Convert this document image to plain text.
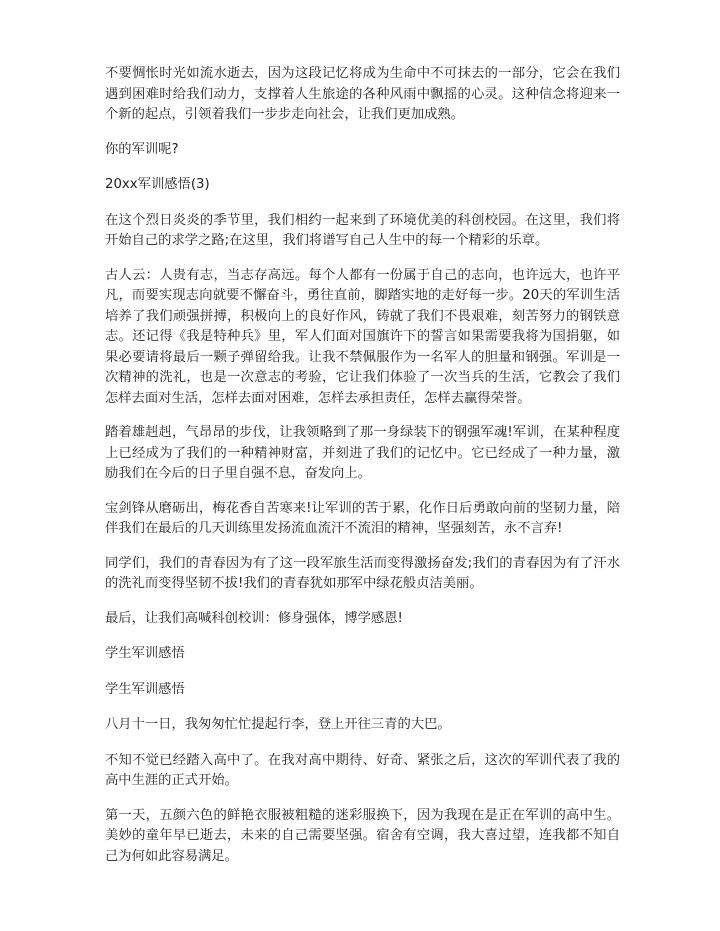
不要惆怅时光如流水逝去，因为这段记忆将成为生命中不可抹去的一部分，它会在我们遇到困难时给我们动力，支撑着人生旅途的各种风雨中飘摇的心灵。这种信念将迎来一个新的起点，引领着我们一步步走向社会，让我们更加成熟。

你的军训呢?

20xx军训感悟(3)

在这个烈日炎炎的季节里，我们相约一起来到了环境优美的科创校园。在这里，我们将开始自己的求学之路;在这里，我们将谱写自己人生中的每一个精彩的乐章。

古人云：人贵有志，当志存高远。每个人都有一份属于自己的志向，也许远大，也许平凡，而要实现志向就要不懈奋斗，勇往直前，脚踏实地的走好每一步。20天的军训生活培养了我们顽强拼搏，积极向上的良好作风，铸就了我们不畏艰难，刻苦努力的钢铁意志。还记得《我是特种兵》里，军人们面对国旗许下的誓言如果需要我将为国捐躯，如果必要请将最后一颗子弹留给我。让我不禁佩服作为一名军人的胆量和钢强。军训是一次精神的洗礼，也是一次意志的考验，它让我们体验了一次当兵的生活，它教会了我们怎样去面对生活，怎样去面对困难，怎样去承担责任，怎样去赢得荣誉。

踏着雄赳赳，气昂昂的步伐，让我领略到了那一身绿装下的钢强军魂!军训，在某种程度上已经成为了我们的一种精神财富，并刻进了我们的记忆中。它已经成了一种力量，激励我们在今后的日子里自强不息，奋发向上。

宝剑锋从磨砺出，梅花香自苦寒来!让军训的苦于累，化作日后勇敢向前的坚韧力量，陪伴我们在最后的几天训练里发扬流血流汗不流泪的精神，坚强刻苦，永不言弃!

同学们，我们的青春因为有了这一段军旅生活而变得激扬奋发;我们的青春因为有了汗水的洗礼而变得坚韧不拔!我们的青春犹如那军中绿花般贞洁美丽。

最后，让我们高喊科创校训：修身强体，博学感恩!

学生军训感悟

学生军训感悟

八月十一日，我匆匆忙忙提起行李，登上开往三青的大巴。

不知不觉已经踏入高中了。在我对高中期待、好奇、紧张之后，这次的军训代表了我的高中生涯的正式开始。

第一天，五颜六色的鲜艳衣服被粗糙的迷彩服换下，因为我现在是正在军训的高中生。美妙的童年早已逝去，未来的自己需要坚强。宿舍有空调，我大喜过望，连我都不知自己为何如此容易满足。
